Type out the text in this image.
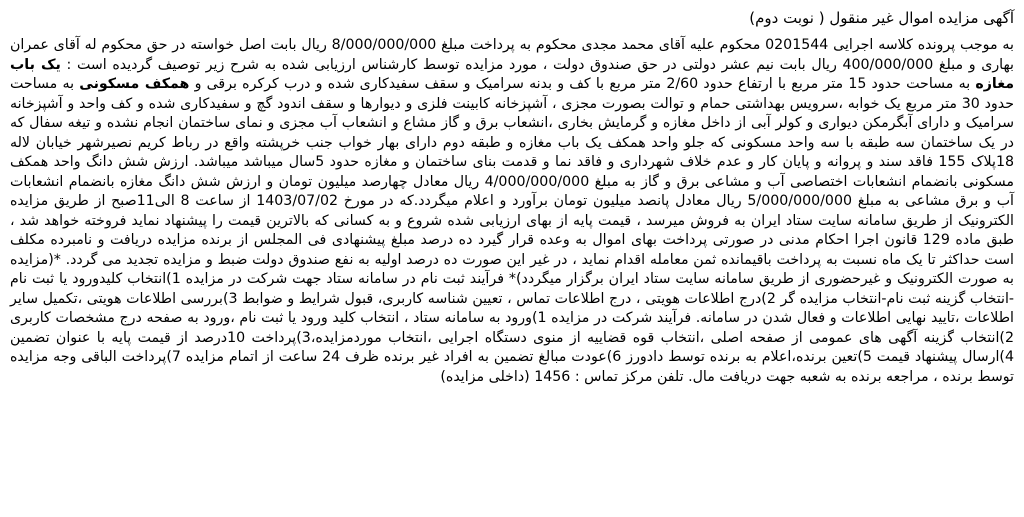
آگهی مزایده اموال غیر منقول ( نوبت دوم)

به موجب پرونده کلاسه اجرایی 0201544 محکوم علیه آقای محمد مجدی محکوم به پرداخت مبلغ 8/000/000/000 ریال بابت اصل خواسته در حق محکوم له آقای عمران بهاری و مبلغ 400/000/000 ریال بابت نیم عشر دولتی در حق صندوق دولت ، مورد مزایده توسط کارشناس ارزیابی شده به شرح زیر توصیف گردیده است : یک باب مغازه به مساحت حدود 15 متر مربع با ارتفاع حدود 2/60 متر مربع با کف و بدنه سرامیک و سقف سفیدکاری شده و درب کرکره برقی و همکف مسکونی به مساحت حدود 30 متر مربع یک خوابه ،سرویس بهداشتی حمام و توالت بصورت مجزی ، آشپزخانه کابینت فلزی و دیوارها و سقف اندود گچ و سفیدکاری شده و کف واحد و آشپزخانه سرامیک و دارای آبگرمکن دیواری و کولر آبی از داخل مغازه و گرمایش بخاری ،انشعاب برق و گاز مشاع و انشعاب آب مجزی و نمای ساختمان انجام نشده و تیغه سفال که در یک ساختمان سه طبقه با سه واحد مسکونی که جلو واحد همکف یک باب مغازه و طبقه دوم دارای بهار خواب جنب خرپشته واقع در رباط کریم نصیرشهر خیابان لاله 18پلاک 155 فاقد سند و پروانه و پایان کار و عدم خلاف شهرداری و فاقد نما و قدمت بنای ساختمان و مغازه حدود 5سال میباشد میباشد. ارزش شش دانگ واحد همکف مسکونی بانضمام انشعابات اختصاصی آب و مشاعی برق و گاز به مبلغ 4/000/000/000 ریال معادل چهارصد میلیون تومان و ارزش شش دانگ مغازه بانضمام انشعابات آب و برق مشاعی به مبلغ 5/000/000/000 ریال معادل پانصد میلیون تومان برآورد و اعلام میگردد.که در مورخ 1403/07/02 از ساعت 8 الی11صبح از طریق مزایده الکترونیک از طریق سامانه سایت ستاد ایران به فروش میرسد ، قیمت پایه از بهای ارزیابی شده شروع و به کسانی که بالاترین قیمت را پیشنهاد نماید فروخته خواهد شد ، طبق ماده 129 قانون اجرا احکام مدنی در صورتی پرداخت بهای اموال به وعده قرار گیرد ده درصد مبلغ پیشنهادی فی المجلس از برنده مزایده دریافت و نامبرده مکلف است حداکثر تا یک ماه نسبت به پرداخت باقیمانده ثمن معامله اقدام نماید ، در غیر این صورت ده درصد اولیه به نفع صندوق دولت ضبط و مزایده تجدید می گردد. *(مزایده به صورت الکترونیک و غیرحضوری از طریق سامانه سایت ستاد ایران برگزار میگردد)* فرآیند ثبت نام در سامانه ستاد جهت شرکت در مزایده 1)انتخاب کلیدورود یا ثبت نام -انتخاب گزینه ثبت نام-انتخاب مزایده گر 2)درج اطلاعات هویتی ، درج اطلاعات تماس ، تعیین شناسه کاربری، قبول شرایط و ضوابط 3)بررسی اطلاعات هویتی ،تکمیل سایر اطلاعات ،تایید نهایی اطلاعات و فعال شدن در سامانه. فرآیند شرکت در مزایده 1)ورود به سامانه ستاد ، انتخاب کلید ورود یا ثبت نام ،ورود به صفحه درج مشخصات کاربری 2)انتخاب گزینه آگهی های عمومی از صفحه اصلی ،انتخاب قوه قضاییه از منوی دستگاه اجرایی ،انتخاب موردمزایده،3)پرداخت 10درصد از قیمت پایه با عنوان تضمین 4)ارسال پیشنهاد قیمت 5)تعین برنده،اعلام به برنده توسط دادورز 6)عودت مبالغ تضمین به افراد غیر برنده ظرف 24 ساعت از اتمام مزایده 7)پرداخت الباقی وجه مزایده توسط برنده ، مراجعه برنده به شعبه جهت دریافت مال. تلفن مرکز تماس : 1456 (داخلی مزایده)
